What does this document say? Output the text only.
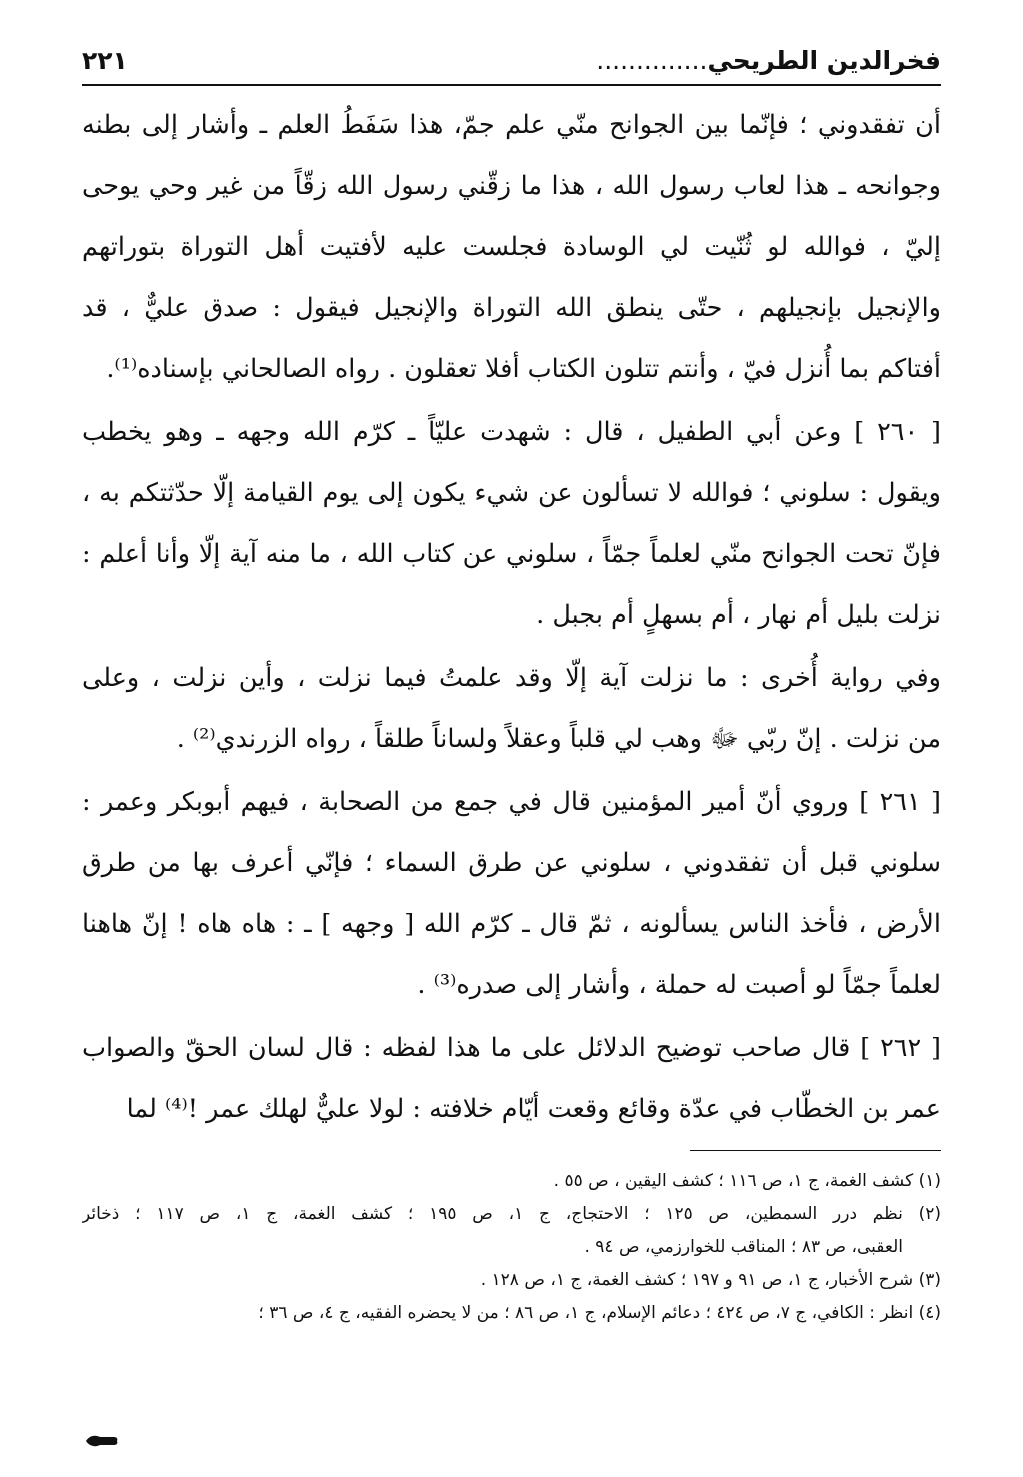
فخرالدين الطريحي..............
٢٢١
أن تفقدوني ؛ فإنّما بين الجوانح منّي علم جمّ، هذا سَفَطُ العلم ـ وأشار إلى بطنه
وجوانحه ـ هذا لعاب رسول الله ، هذا ما زقّني رسول الله زقّاً من غير وحي يوحى
إليّ ، فوالله لو ثُنّيت لي الوسادة فجلست عليه لأفتيت أهل التوراة بتوراتهم
والإنجيل بإنجيلهم ، حتّى ينطق الله التوراة والإنجيل فيقول : صدق عليٌّ ، قد
أفتاكم بما أُنزل فيّ ، وأنتم تتلون الكتاب أفلا تعقلون . رواه الصالحاني بإسناده⁽¹⁾.
[ ٢٦٠ ] وعن أبي الطفيل ، قال : شهدت عليّاً ـ كرّم الله وجهه ـ وهو يخطب
ويقول : سلوني ؛ فوالله لا تسألون عن شيء يكون إلى يوم القيامة إلّا حدّثتكم به ،
فإنّ تحت الجوانح منّي لعلماً جمّاً ، سلوني عن كتاب الله ، ما منه آية إلّا وأنا أعلم :
نزلت بليل أم نهار ، أم بسهلٍ أم بجبل .
وفي رواية أُخرى : ما نزلت آية إلّا وقد علمتُ فيما نزلت ، وأين نزلت ، وعلى
من نزلت . إنّ ربّي ﷻ وهب لي قلباً وعقلاً ولساناً طلقاً ، رواه الزرندي⁽²⁾ .
[ ٢٦١ ] وروي أنّ أمير المؤمنين قال في جمع من الصحابة ، فيهم أبوبكر وعمر :
سلوني قبل أن تفقدوني ، سلوني عن طرق السماء ؛ فإنّي أعرف بها من طرق
الأرض ، فأخذ الناس يسألونه ، ثمّ قال ـ كرّم الله [ وجهه ] ـ : هاه هاه ! إنّ هاهنا
لعلماً جمّاً لو أصبت له حملة ، وأشار إلى صدره⁽³⁾ .
[ ٢٦٢ ] قال صاحب توضيح الدلائل على ما هذا لفظه : قال لسان الحقّ والصواب
عمر بن الخطّاب في عدّة وقائع وقعت أيّام خلافته : لولا عليٌّ لهلك عمر !⁽⁴⁾ لما
(١) كشف الغمة، ج ١، ص ١١٦ ؛ كشف اليقين ، ص ٥٥ .
(٢) نظم درر السمطين، ص ١٢٥ ؛ الاحتجاج، ج ١، ص ١٩٥ ؛ كشف الغمة، ج ١، ص ١١٧ ؛ ذخائر
العقبى، ص ٨٣ ؛ المناقب للخوارزمي، ص ٩٤ .
(٣) شرح الأخبار، ج ١، ص ٩١ و ١٩٧ ؛ كشف الغمة، ج ١، ص ١٢٨ .
(٤) انظر : الكافي، ج ٧، ص ٤٢٤ ؛ دعائم الإسلام، ج ١، ص ٨٦ ؛ من لا يحضره الفقيه، ج ٤، ص ٣٦ ؛
